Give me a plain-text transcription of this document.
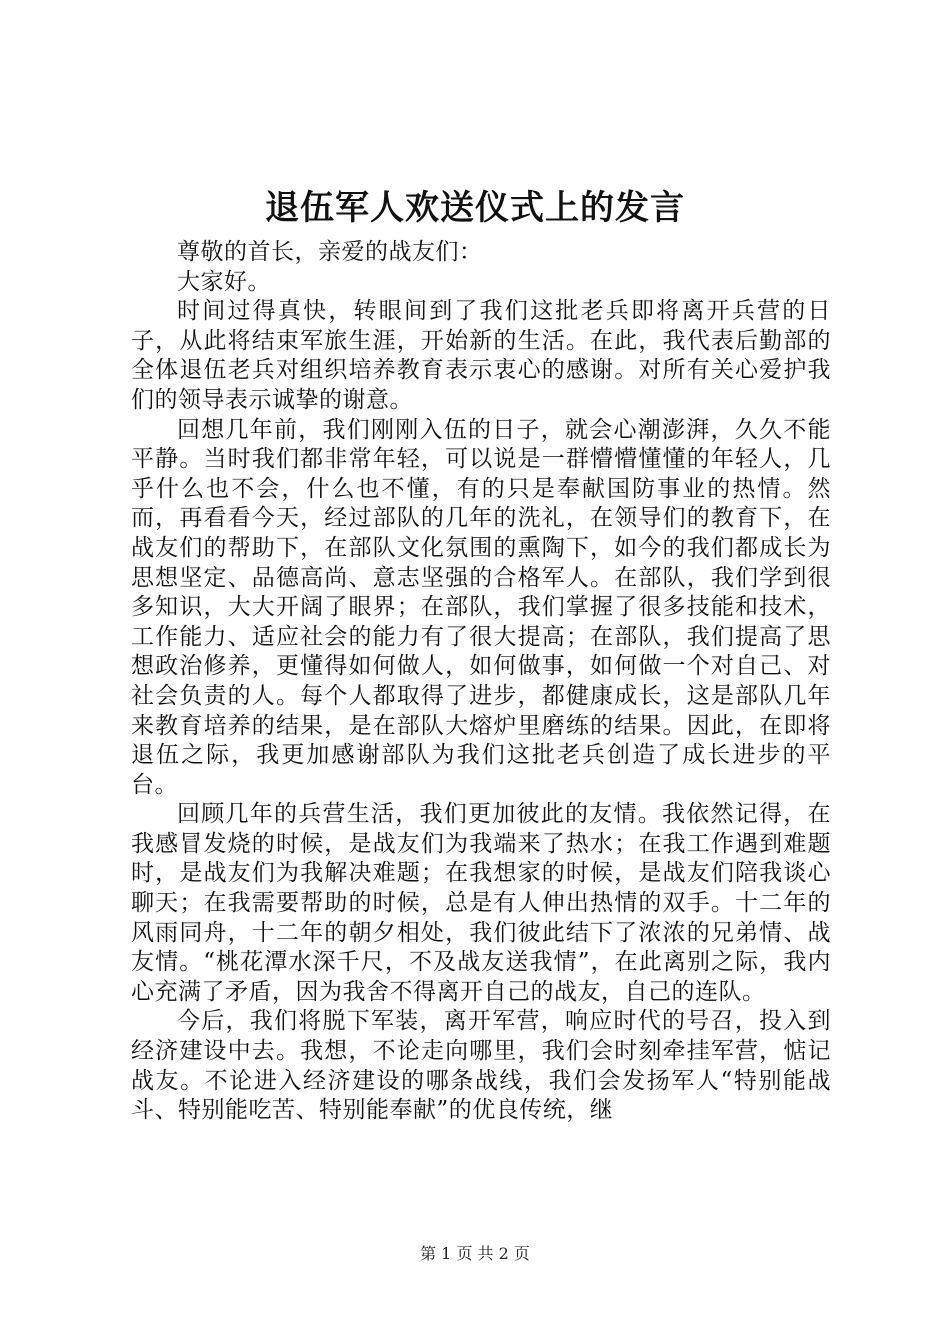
退伍军人欢送仪式上的发言

尊敬的首长，亲爱的战友们：

大家好。

时间过得真快，转眼间到了我们这批老兵即将离开兵营的日子，从此将结束军旅生涯，开始新的生活。在此，我代表后勤部的全体退伍老兵对组织培养教育表示衷心的感谢。对所有关心爱护我们的领导表示诚挚的谢意。

回想几年前，我们刚刚入伍的日子，就会心潮澎湃，久久不能平静。当时我们都非常年轻，可以说是一群懵懵懂懂的年轻人，几乎什么也不会，什么也不懂，有的只是奉献国防事业的热情。然而，再看看今天，经过部队的几年的洗礼，在领导们的教育下，在战友们的帮助下，在部队文化氛围的熏陶下，如今的我们都成长为思想坚定、品德高尚、意志坚强的合格军人。在部队，我们学到很多知识，大大开阔了眼界；在部队，我们掌握了很多技能和技术，工作能力、适应社会的能力有了很大提高；在部队，我们提高了思想政治修养，更懂得如何做人，如何做事，如何做一个对自己、对社会负责的人。每个人都取得了进步，都健康成长，这是部队几年来教育培养的结果，是在部队大熔炉里磨练的结果。因此，在即将退伍之际，我更加感谢部队为我们这批老兵创造了成长进步的平台。

回顾几年的兵营生活，我们更加彼此的友情。我依然记得，在我感冒发烧的时候，是战友们为我端来了热水；在我工作遇到难题时，是战友们为我解决难题；在我想家的时候，是战友们陪我谈心聊天；在我需要帮助的时候，总是有人伸出热情的双手。十二年的风雨同舟，十二年的朝夕相处，我们彼此结下了浓浓的兄弟情、战友情。“桃花潭水深千尺，不及战友送我情”，在此离别之际，我内心充满了矛盾，因为我舍不得离开自己的战友，自己的连队。

今后，我们将脱下军装，离开军营，响应时代的号召，投入到经济建设中去。我想，不论走向哪里，我们会时刻牵挂军营，惦记战友。不论进入经济建设的哪条战线，我们会发扬军人“特别能战斗、特别能吃苦、特别能奉献”的优良传统，继

第 1 页 共 2 页
